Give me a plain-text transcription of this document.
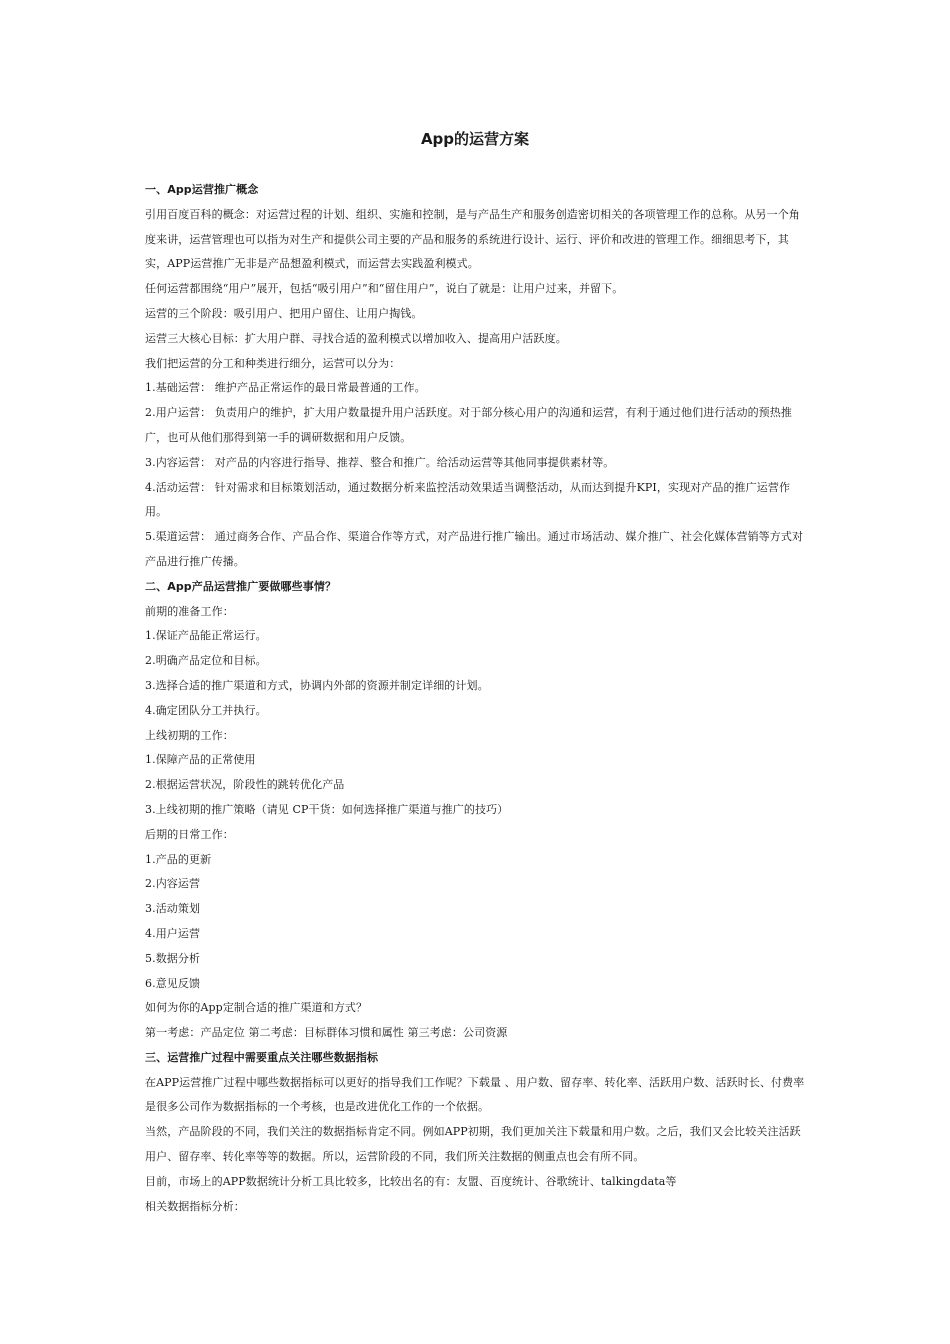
App的运营方案
一、App运营推广概念

引用百度百科的概念：对运营过程的计划、组织、实施和控制，是与产品生产和服务创造密切相关的各项管理工作的总称。从另一个角度来讲，运营管理也可以指为对生产和提供公司主要的产品和服务的系统进行设计、运行、评价和改进的管理工作。细细思考下，其实，APP运营推广无非是产品想盈利模式，而运营去实践盈利模式。

任何运营都围绕“用户”展开，包括“吸引用户”和“留住用户”，说白了就是：让用户过来，并留下。

运营的三个阶段：吸引用户、把用户留住、让用户掏钱。

运营三大核心目标：扩大用户群、寻找合适的盈利模式以增加收入、提高用户活跃度。

我们把运营的分工和种类进行细分，运营可以分为：

1.基础运营： 维护产品正常运作的最日常最普通的工作。

2.用户运营： 负责用户的维护，扩大用户数量提升用户活跃度。对于部分核心用户的沟通和运营，有利于通过他们进行活动的预热推广，也可从他们那得到第一手的调研数据和用户反馈。

3.内容运营： 对产品的内容进行指导、推荐、整合和推广。给活动运营等其他同事提供素材等。

4.活动运营： 针对需求和目标策划活动，通过数据分析来监控活动效果适当调整活动，从而达到提升KPI，实现对产品的推广运营作用。

5.渠道运营： 通过商务合作、产品合作、渠道合作等方式，对产品进行推广输出。通过市场活动、媒介推广、社会化媒体营销等方式对产品进行推广传播。

二、App产品运营推广要做哪些事情？

前期的准备工作：

1.保证产品能正常运行。

2.明确产品定位和目标。

3.选择合适的推广渠道和方式，协调内外部的资源并制定详细的计划。

4.确定团队分工并执行。

上线初期的工作：

1.保障产品的正常使用

2.根据运营状况，阶段性的跳转优化产品

3.上线初期的推广策略（请见 CP干货：如何选择推广渠道与推广的技巧）

后期的日常工作：

1.产品的更新

2.内容运营

3.活动策划

4.用户运营

5.数据分析

6.意见反馈

如何为你的App定制合适的推广渠道和方式？

第一考虑：产品定位 第二考虑：目标群体习惯和属性 第三考虑：公司资源

三、运营推广过程中需要重点关注哪些数据指标

在APP运营推广过程中哪些数据指标可以更好的指导我们工作呢？下载量 、用户数、留存率、转化率、活跃用户数、活跃时长、付费率是很多公司作为数据指标的一个考核，也是改进优化工作的一个依据。

当然，产品阶段的不同，我们关注的数据指标肯定不同。例如APP初期，我们更加关注下载量和用户数。之后，我们又会比较关注活跃用户、留存率、转化率等等的数据。所以，运营阶段的不同，我们所关注数据的侧重点也会有所不同。

目前，市场上的APP数据统计分析工具比较多，比较出名的有：友盟、百度统计、谷歌统计、talkingdata等

相关数据指标分析：
